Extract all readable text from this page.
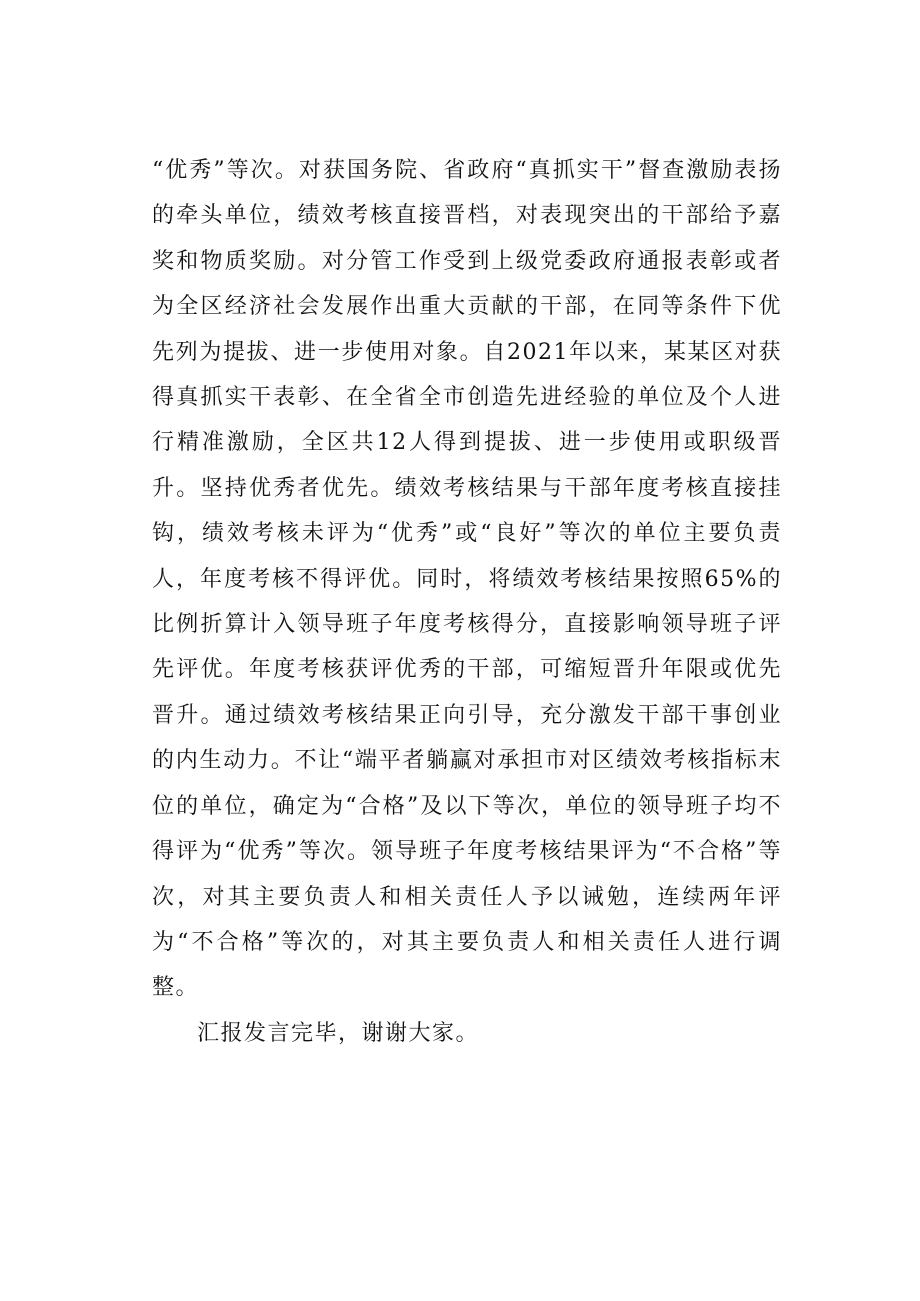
“优秀”等次。对获国务院、省政府“真抓实干”督查激励表扬的牵头单位，绩效考核直接晋档，对表现突出的干部给予嘉奖和物质奖励。对分管工作受到上级党委政府通报表彰或者为全区经济社会发展作出重大贡献的干部，在同等条件下优先列为提拔、进一步使用对象。自2021年以来，某某区对获得真抓实干表彰、在全省全市创造先进经验的单位及个人进行精准激励，全区共12人得到提拔、进一步使用或职级晋升。坚持优秀者优先。绩效考核结果与干部年度考核直接挂钩，绩效考核未评为“优秀”或“良好”等次的单位主要负责人，年度考核不得评优。同时，将绩效考核结果按照65%的比例折算计入领导班子年度考核得分，直接影响领导班子评先评优。年度考核获评优秀的干部，可缩短晋升年限或优先晋升。通过绩效考核结果正向引导，充分激发干部干事创业的内生动力。不让“端平者躺赢对承担市对区绩效考核指标末位的单位，确定为“合格”及以下等次，单位的领导班子均不得评为“优秀”等次。领导班子年度考核结果评为“不合格”等次，对其主要负责人和相关责任人予以诫勉，连续两年评为“不合格”等次的，对其主要负责人和相关责任人进行调整。

汇报发言完毕，谢谢大家。
